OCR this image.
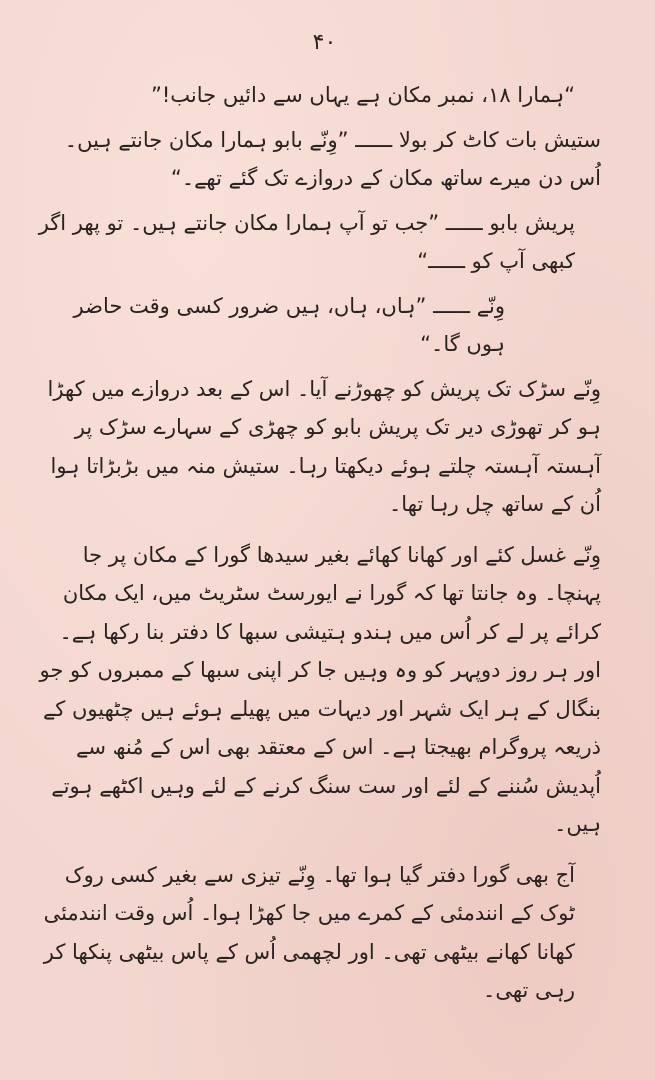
۴۰

“ہمارا ۱۸، نمبر مکان ہے یہاں سے دائیں جانب!”

ستیش بات کاٹ کر بولا ــــــ ”وِنّے بابو ہمارا مکان جانتے ہیں۔ اُس دن میرے ساتھ مکان کے دروازے تک گئے تھے۔“

پریش بابو ــــــ ”جب تو آپ ہمارا مکان جانتے ہیں۔ تو پھر اگر کبھی آپ کو ــــــ“

وِنّے ــــــ ”ہاں، ہاں، ہیں ضرور کسی وقت حاضر ہوں گا۔“

وِنّے سڑک تک پریش کو چھوڑنے آیا۔ اس کے بعد دروازے میں کھڑا ہو کر تھوڑی دیر تک پریش بابو کو چھڑی کے سہارے سڑک پر آہستہ آہستہ چلتے ہوئے دیکھتا رہا۔ ستیش منہ میں بڑبڑاتا ہوا اُن کے ساتھ چل رہا تھا۔

وِنّے غسل کئے اور کھانا کھائے بغیر سیدھا گورا کے مکان پر جا پہنچا۔ وہ جانتا تھا کہ گورا نے ایورسٹ سٹریٹ میں، ایک مکان کرائے پر لے کر اُس میں ہندو ہتیشی سبھا کا دفتر بنا رکھا ہے۔ اور ہر روز دوپہر کو وہ وہیں جا کر اپنی سبھا کے ممبروں کو جو بنگال کے ہر ایک شہر اور دیہات میں پھیلے ہوئے ہیں چٹھیوں کے ذریعہ پروگرام بھیجتا ہے۔ اس کے معتقد بھی اس کے مُنھ سے اُپدیش سُننے کے لئے اور ست سنگ کرنے کے لئے وہیں اکٹھے ہوتے ہیں۔

آج بھی گورا دفتر گیا ہوا تھا۔ وِنّے تیزی سے بغیر کسی روک ٹوک کے انندمئی کے کمرے میں جا کھڑا ہوا۔ اُس وقت انندمئی کھانا کھانے بیٹھی تھی۔ اور لچھمی اُس کے پاس بیٹھی پنکھا کر رہی تھی۔
